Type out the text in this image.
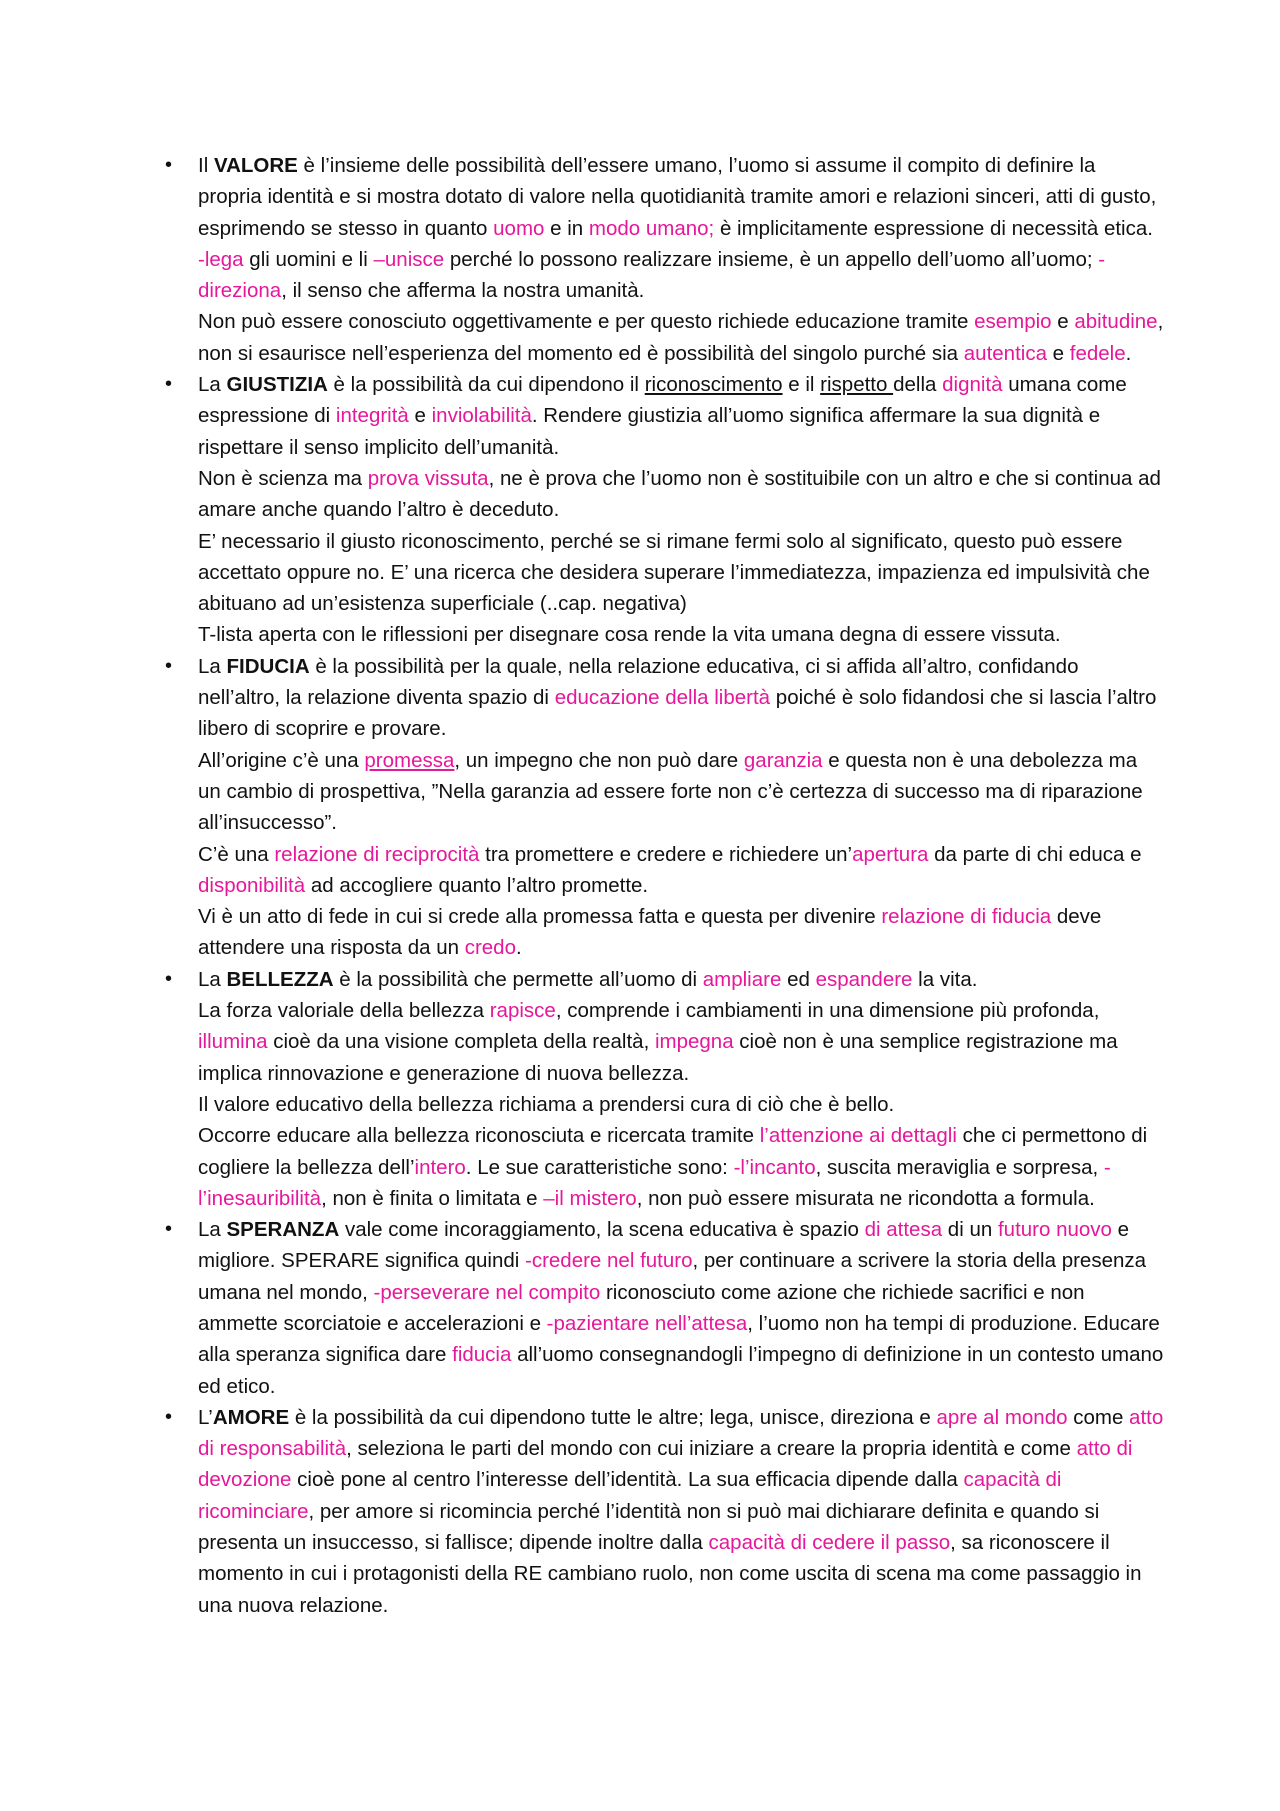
• Il VALORE è l’insieme delle possibilità dell’essere umano, l’uomo si assume il compito di definire la propria identità e si mostra dotato di valore nella quotidianità tramite amori e relazioni sinceri, atti di gusto, esprimendo se stesso in quanto uomo e in modo umano; è implicitamente espressione di necessità etica. -lega gli uomini e li –unisce perché lo possono realizzare insieme, è un appello dell’uomo all’uomo; -direziona, il senso che afferma la nostra umanità.
Non può essere conosciuto oggettivamente e per questo richiede educazione tramite esempio e abitudine, non si esaurisce nell’esperienza del momento ed è possibilità del singolo purché sia autentica e fedele.
• La GIUSTIZIA è la possibilità da cui dipendono il riconoscimento e il rispetto della dignità umana come espressione di integrità e inviolabilità. Rendere giustizia all’uomo significa affermare la sua dignità e rispettare il senso implicito dell’umanità.
Non è scienza ma prova vissuta, ne è prova che l’uomo non è sostituibile con un altro e che si continua ad amare anche quando l’altro è deceduto.
E’ necessario il giusto riconoscimento, perché se si rimane fermi solo al significato, questo può essere accettato oppure no. E’ una ricerca che desidera superare l’immediatezza, impazienza ed impulsività che abituano ad un’esistenza superficiale (..cap. negativa)
T-lista aperta con le riflessioni per disegnare cosa rende la vita umana degna di essere vissuta.
• La FIDUCIA è la possibilità per la quale, nella relazione educativa, ci si affida all’altro, confidando nell’altro, la relazione diventa spazio di educazione della libertà poiché è solo fidandosi che si lascia l’altro libero di scoprire e provare.
All’origine c’è una promessa, un impegno che non può dare garanzia e questa non è una debolezza ma un cambio di prospettiva, ”Nella garanzia ad essere forte non c’è certezza di successo ma di riparazione all’insuccesso”.
C’è una relazione di reciprocità tra promettere e credere e richiedere un’apertura da parte di chi educa e disponibilità ad accogliere quanto l’altro promette.
Vi è un atto di fede in cui si crede alla promessa fatta e questa per divenire relazione di fiducia deve attendere una risposta da un credo.
• La BELLEZZA è la possibilità che permette all’uomo di ampliare ed espandere la vita.
La forza valoriale della bellezza rapisce, comprende i cambiamenti in una dimensione più profonda, illumina cioè da una visione completa della realtà, impegna cioè non è una semplice registrazione ma implica rinnovazione e generazione di nuova bellezza.
Il valore educativo della bellezza richiama a prendersi cura di ciò che è bello.
Occorre educare alla bellezza riconosciuta e ricercata tramite l’attenzione ai dettagli che ci permettono di cogliere la bellezza dell’intero. Le sue caratteristiche sono: -l’incanto, suscita meraviglia e sorpresa, -l’inesauribilità, non è finita o limitata e –il mistero, non può essere misurata ne ricondotta a formula.
• La SPERANZA vale come incoraggiamento, la scena educativa è spazio di attesa di un futuro nuovo e migliore. SPERARE significa quindi -credere nel futuro, per continuare a scrivere la storia della presenza umana nel mondo, -perseverare nel compito riconosciuto come azione che richiede sacrifici e non ammette scorciatoie e accelerazioni e -pazientare nell’attesa, l’uomo non ha tempi di produzione. Educare alla speranza significa dare fiducia all’uomo consegnandogli l’impegno di definizione in un contesto umano ed etico.
• L’AMORE è la possibilità da cui dipendono tutte le altre; lega, unisce, direziona e apre al mondo come atto di responsabilità, seleziona le parti del mondo con cui iniziare a creare la propria identità e come atto di devozione cioè pone al centro l’interesse dell’identità. La sua efficacia dipende dalla capacità di ricominciare, per amore si ricomincia perché l’identità non si può mai dichiarare definita e quando si presenta un insuccesso, si fallisce; dipende inoltre dalla capacità di cedere il passo, sa riconoscere il momento in cui i protagonisti della RE cambiano ruolo, non come uscita di scena ma come passaggio in una nuova relazione.
